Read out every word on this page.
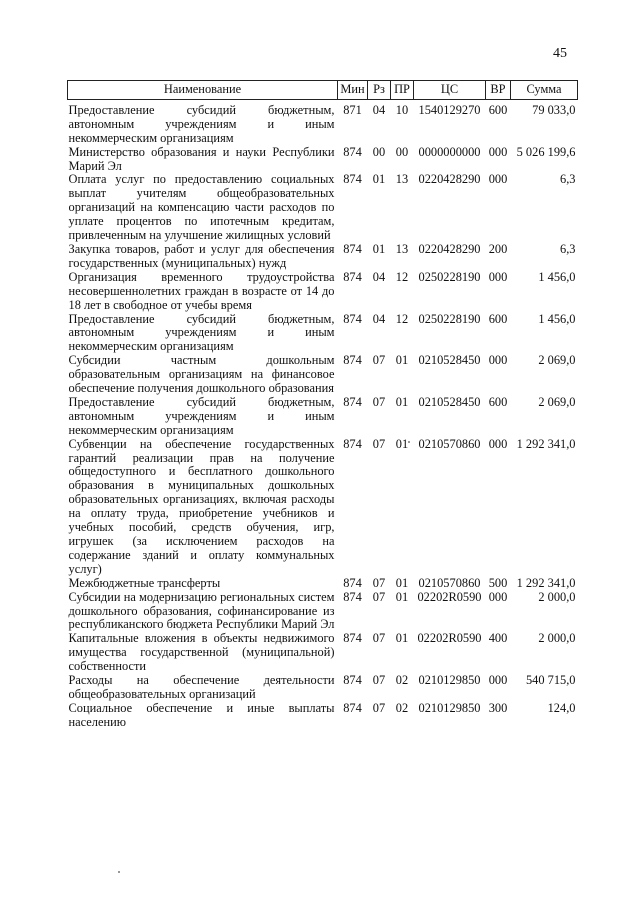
45
Наименование	Мин	Рз	ПР	ЦС	ВР	Сумма
Предоставление субсидий бюджетным, автономным учреждениям и иным некоммерческим организациям	871	04	10	1540129270	600	79 033,0
Министерство образования и науки Республики Марий Эл	874	00	00	0000000000	000	5 026 199,6
Оплата услуг по предоставлению социальных выплат учителям общеобразовательных организаций на компенсацию части расходов по уплате процентов по ипотечным кредитам, привлеченным на улучшение жилищных условий	874	01	13	0220428290	000	6,3
Закупка товаров, работ и услуг для обеспечения государственных (муниципальных) нужд	874	01	13	0220428290	200	6,3
Организация временного трудоустройства несовершеннолетних граждан в возрасте от 14 до 18 лет в свободное от учебы время	874	04	12	0250228190	000	1 456,0
Предоставление субсидий бюджетным, автономным учреждениям и иным некоммерческим организациям	874	04	12	0250228190	600	1 456,0
Субсидии частным дошкольным образовательным организациям на финансовое обеспечение получения дошкольного образования	874	07	01	0210528450	000	2 069,0
Предоставление субсидий бюджетным, автономным учреждениям и иным некоммерческим организациям	874	07	01	0210528450	600	2 069,0
Субвенции на обеспечение государственных гарантий реализации прав на получение общедоступного и бесплатного дошкольного образования в муниципальных дошкольных образовательных организациях, включая расходы на оплату труда, приобретение учебников и учебных пособий, средств обучения, игр, игрушек (за исключением расходов на содержание зданий и оплату коммунальных услуг)	874	07	01	0210570860	000	1 292 341,0
Межбюджетные трансферты	874	07	01	0210570860	500	1 292 341,0
Субсидии на модернизацию региональных систем дошкольного образования, софинансирование из республиканского бюджета Республики Марий Эл	874	07	01	02202R0590	000	2 000,0
Капитальные вложения в объекты недвижимого имущества государственной (муниципальной) собственности	874	07	01	02202R0590	400	2 000,0
Расходы на обеспечение деятельности общеобразовательных организаций	874	07	02	0210129850	000	540 715,0
Социальное обеспечение и иные выплаты населению	874	07	02	0210129850	300	124,0
